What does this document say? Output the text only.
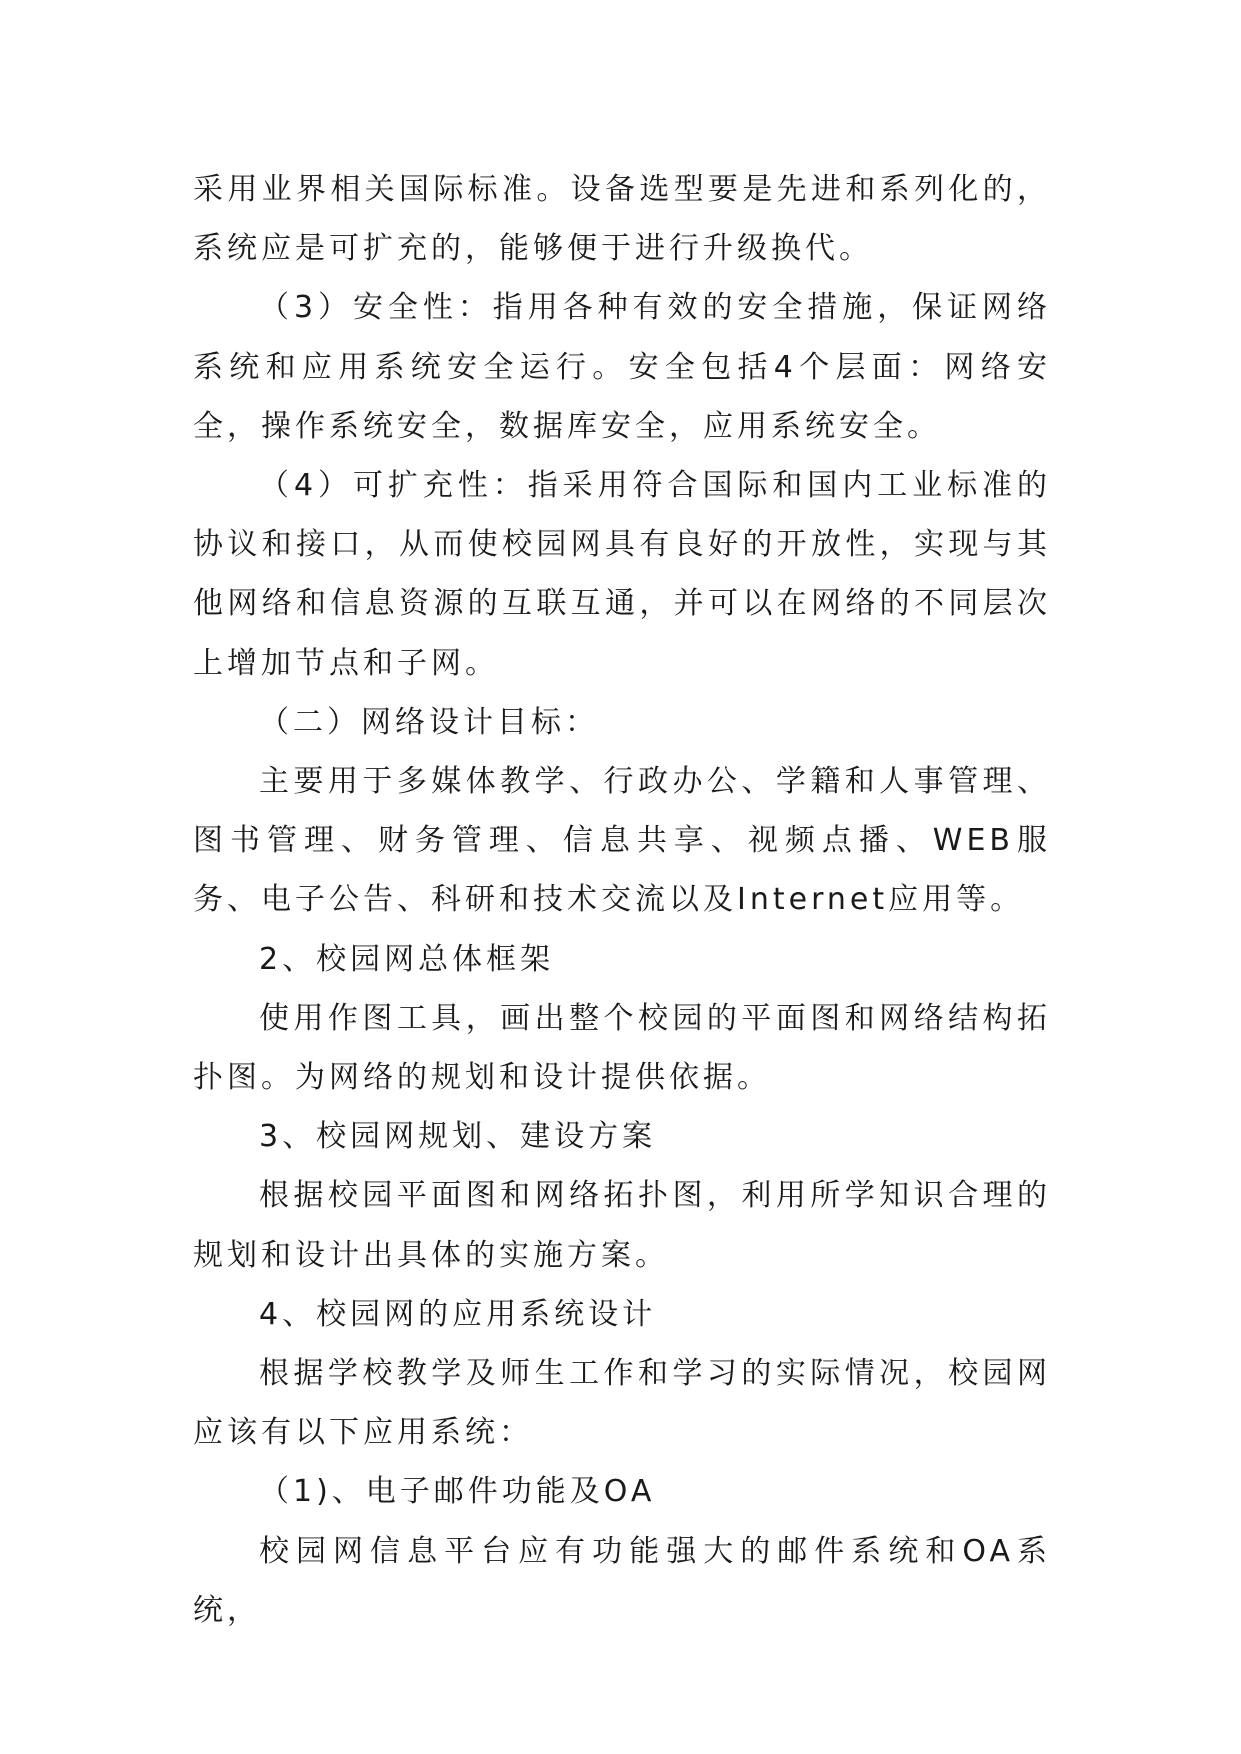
采用业界相关国际标准。设备选型要是先进和系列化的，系统应是可扩充的，能够便于进行升级换代。

（3）安全性：指用各种有效的安全措施，保证网络系统和应用系统安全运行。安全包括4个层面：网络安全，操作系统安全，数据库安全，应用系统安全。

（4）可扩充性：指采用符合国际和国内工业标准的协议和接口，从而使校园网具有良好的开放性，实现与其他网络和信息资源的互联互通，并可以在网络的不同层次上增加节点和子网。

（二）网络设计目标：

主要用于多媒体教学、行政办公、学籍和人事管理、图书管理、财务管理、信息共享、视频点播、WEB服务、电子公告、科研和技术交流以及Internet应用等。

2、校园网总体框架

使用作图工具，画出整个校园的平面图和网络结构拓扑图。为网络的规划和设计提供依据。

3、校园网规划、建设方案

根据校园平面图和网络拓扑图，利用所学知识合理的规划和设计出具体的实施方案。

4、校园网的应用系统设计

根据学校教学及师生工作和学习的实际情况，校园网应该有以下应用系统：

（1)、电子邮件功能及OA

校园网信息平台应有功能强大的邮件系统和OA系统，
